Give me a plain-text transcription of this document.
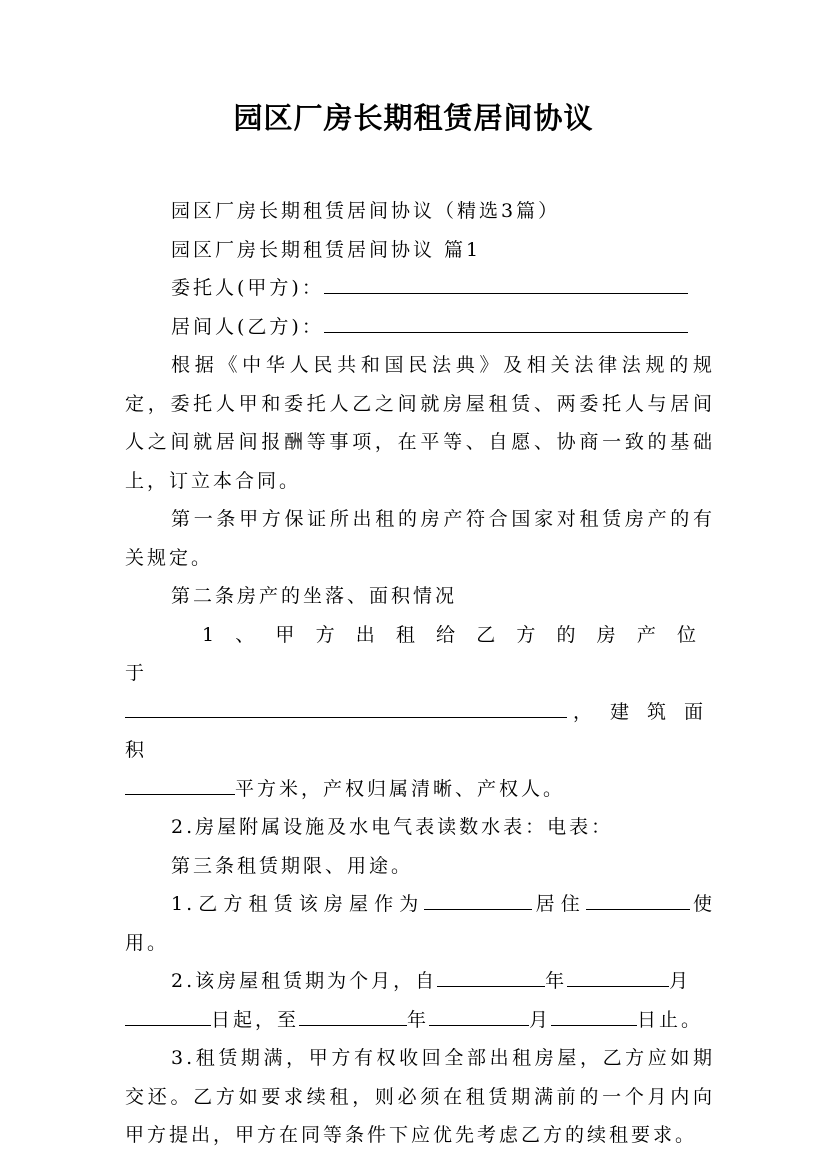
园区厂房长期租赁居间协议

园区厂房长期租赁居间协议（精选3篇）

园区厂房长期租赁居间协议 篇1

委托人(甲方)：

居间人(乙方)：

根据《中华人民共和国民法典》及相关法律法规的规定，委托人甲和委托人乙之间就房屋租赁、两委托人与居间人之间就居间报酬等事项，在平等、自愿、协商一致的基础上，订立本合同。

第一条甲方保证所出租的房产符合国家对租赁房产的有关规定。

第二条房产的坐落、面积情况

1、甲方出租给乙方的房产位于

，建筑面积

平方米，产权归属清晰、产权人。

2.房屋附属设施及水电气表读数水表：电表：

第三条租赁期限、用途。

1.乙方租赁该房屋作为	居住	使用。

2.该房屋租赁期为个月，自	年	月

日起，至	年	月	日止。

3.租赁期满，甲方有权收回全部出租房屋，乙方应如期交还。乙方如要求续租，则必须在租赁期满前的一个月内向甲方提出，甲方在同等条件下应优先考虑乙方的续租要求。
